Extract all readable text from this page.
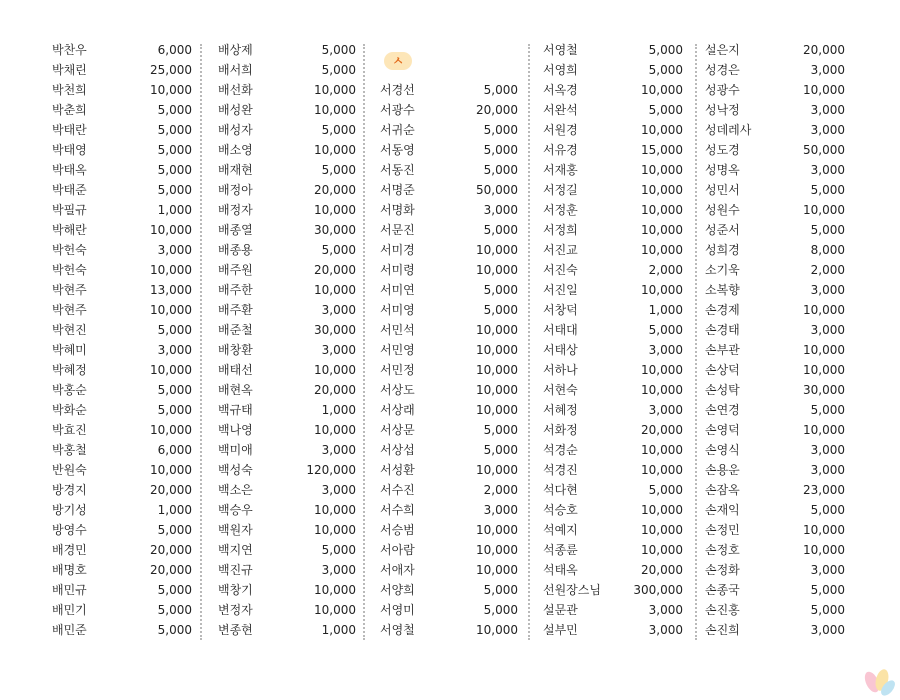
박찬우	6,000
박채린	25,000
박천희	10,000
박춘희	5,000
박태란	5,000
박태영	5,000
박태옥	5,000
박태준	5,000
박필규	1,000
박해란	10,000
박헌숙	3,000
박헌숙	10,000
박현주	13,000
박현주	10,000
박현진	5,000
박혜미	3,000
박혜정	10,000
박홍순	5,000
박화순	5,000
박효진	10,000
박홍철	6,000
반원숙	10,000
방경지	20,000
방기성	1,000
방영수	5,000
배경민	20,000
배명호	20,000
배민규	5,000
배민기	5,000
배민준	5,000
배상제	5,000
배서희	5,000
배선화	10,000
배성완	10,000
배성자	5,000
배소영	10,000
배재현	5,000
배정아	20,000
배정자	10,000
배종열	30,000
배종용	5,000
배주원	20,000
배주한	10,000
배주환	3,000
배준철	30,000
배창환	3,000
배태선	10,000
배현옥	20,000
백규태	1,000
백나영	10,000
백미애	3,000
백성숙	120,000
백소은	3,000
백승우	10,000
백원자	10,000
백지연	5,000
백진규	3,000
백창기	10,000
변정자	10,000
변종현	1,000
서경선	5,000
서광수	20,000
서귀순	5,000
서동영	5,000
서동진	5,000
서명준	50,000
서명화	3,000
서문진	5,000
서미경	10,000
서미령	10,000
서미연	5,000
서미영	5,000
서민석	10,000
서민영	10,000
서민정	10,000
서상도	10,000
서상래	10,000
서상문	5,000
서상섭	5,000
서성환	10,000
서수진	2,000
서수희	3,000
서승범	10,000
서아람	10,000
서애자	10,000
서양희	5,000
서영미	5,000
서영철	10,000
서영철	5,000
서영희	5,000
서옥경	10,000
서완석	5,000
서원경	10,000
서유경	15,000
서재홍	10,000
서정길	10,000
서정훈	10,000
서정희	10,000
서진교	10,000
서진숙	2,000
서진일	10,000
서창덕	1,000
서태대	5,000
서태상	3,000
서하나	10,000
서현숙	10,000
서혜정	3,000
서화정	20,000
석경순	10,000
석경진	10,000
석다현	5,000
석승호	10,000
석예지	10,000
석종륜	10,000
석태옥	20,000
선원장스님	300,000
설문관	3,000
설부민	3,000
설은지	20,000
성경은	3,000
성광수	10,000
성낙정	3,000
성데레사	3,000
성도경	50,000
성명옥	3,000
성민서	5,000
성원수	10,000
성준서	5,000
성희경	8,000
소기욱	2,000
소복향	3,000
손경제	10,000
손경태	3,000
손부관	10,000
손상덕	10,000
손성탁	30,000
손연경	5,000
손영덕	10,000
손영식	3,000
손용운	3,000
손잠옥	23,000
손재익	5,000
손정민	10,000
손정호	10,000
손정화	3,000
손종국	5,000
손진홍	5,000
손진희	3,000
ㅅ
